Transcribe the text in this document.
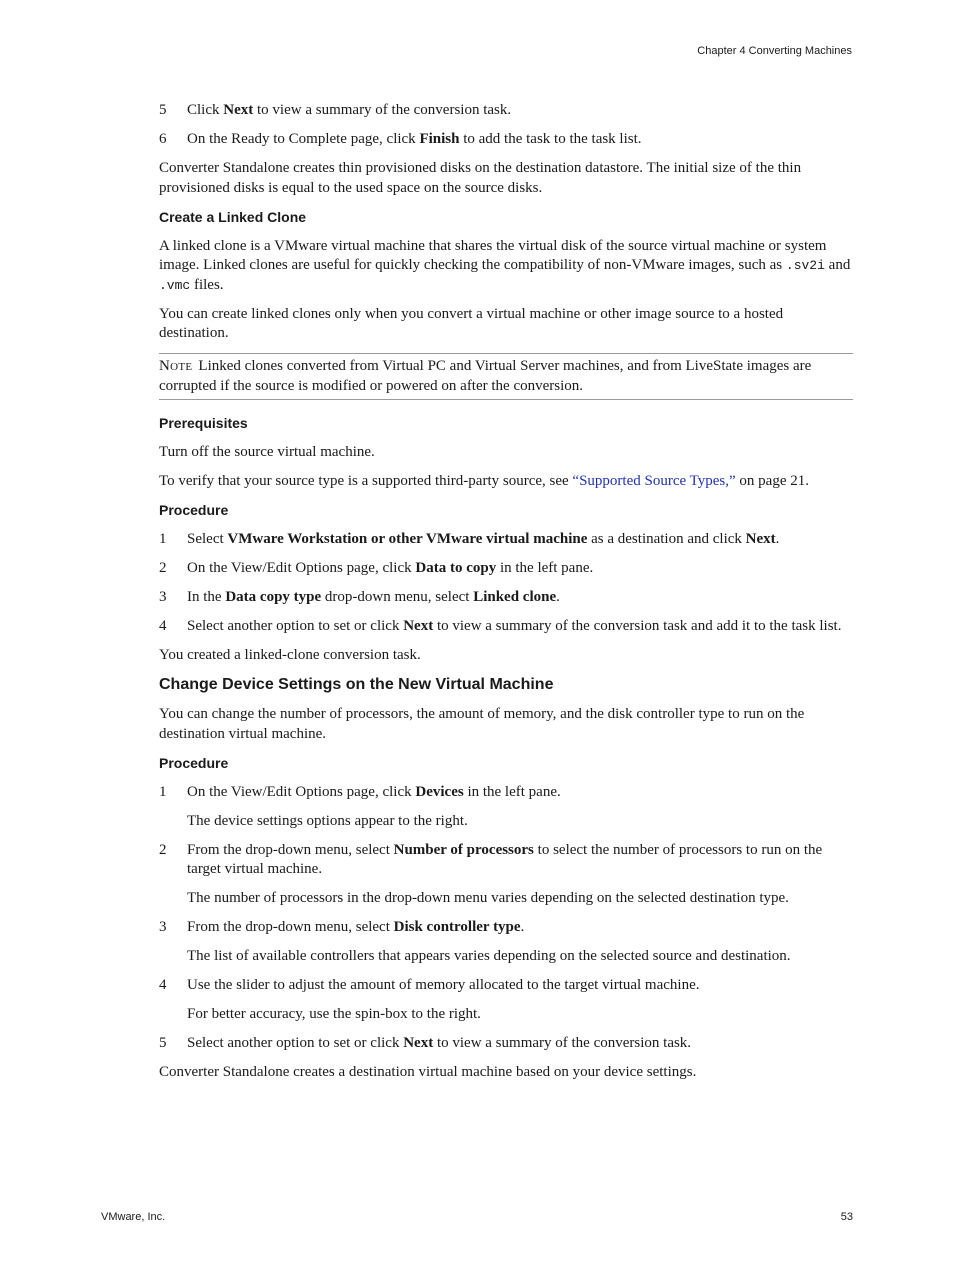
Chapter 4 Converting Machines
5 Click Next to view a summary of the conversion task.
6 On the Ready to Complete page, click Finish to add the task to the task list.

Converter Standalone creates thin provisioned disks on the destination datastore. The initial size of the thin provisioned disks is equal to the used space on the source disks.

Create a Linked Clone

A linked clone is a VMware virtual machine that shares the virtual disk of the source virtual machine or system image. Linked clones are useful for quickly checking the compatibility of non-VMware images, such as .sv2i and .vmc files.

You can create linked clones only when you convert a virtual machine or other image source to a hosted destination.

Note Linked clones converted from Virtual PC and Virtual Server machines, and from LiveState images are corrupted if the source is modified or powered on after the conversion.
Prerequisites

Turn off the source virtual machine.

To verify that your source type is a supported third-party source, see “Supported Source Types,” on page 21.

Procedure
1 Select VMware Workstation or other VMware virtual machine as a destination and click Next.
2 On the View/Edit Options page, click Data to copy in the left pane.
3 In the Data copy type drop-down menu, select Linked clone.
4 Select another option to set or click Next to view a summary of the conversion task and add it to the task list.

You created a linked-clone conversion task.

Change Device Settings on the New Virtual Machine

You can change the number of processors, the amount of memory, and the disk controller type to run on the destination virtual machine.

Procedure
1 On the View/Edit Options page, click Devices in the left pane.

The device settings options appear to the right.

2 From the drop-down menu, select Number of processors to select the number of processors to run on the target virtual machine.

The number of processors in the drop-down menu varies depending on the selected destination type.

3 From the drop-down menu, select Disk controller type.

The list of available controllers that appears varies depending on the selected source and destination.

4 Use the slider to adjust the amount of memory allocated to the target virtual machine.

For better accuracy, use the spin-box to the right.

5 Select another option to set or click Next to view a summary of the conversion task.

Converter Standalone creates a destination virtual machine based on your device settings.

VMware, Inc.	53
